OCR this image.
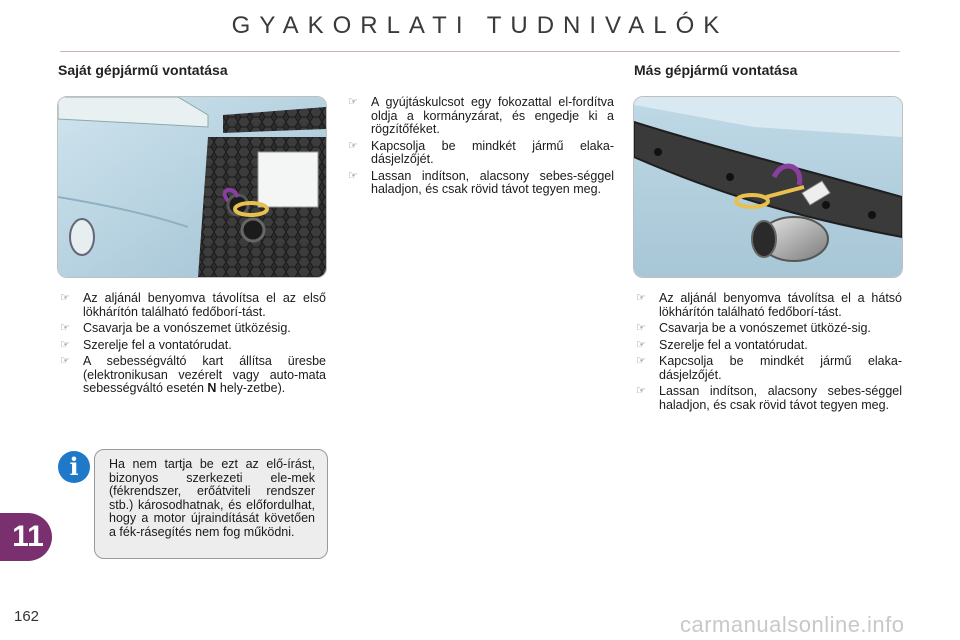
GYAKORLATI TUDNIVALÓK
Saját gépjármű vontatása
☞ Az aljánál benyomva távolítsa el az első lökhárítón található fedőborí-tást.
☞ Csavarja be a vonószemet ütközésig.
☞ Szerelje fel a vontatórudat.
☞ A sebességváltó kart állítsa üresbe (elektronikusan vezérelt vagy auto-mata sebességváltó esetén N hely-zetbe).
i	Ha nem tartja be ezt az elő-írást, bizonyos szerkezeti ele-mek (fékrendszer, erőátviteli rendszer stb.) károsodhatnak, és előfordulhat, hogy a motor újraindítását követően a fék-rásegítés nem fog működni.
☞ A gyújtáskulcsot egy fokozattal el-fordítva oldja a kormányzárat, és engedje ki a rögzítőféket.
☞ Kapcsolja be mindkét jármű elaka-dásjelzőjét.
☞ Lassan indítson, alacsony sebes-séggel haladjon, és csak rövid távot tegyen meg.
Más gépjármű vontatása
☞ Az aljánál benyomva távolítsa el a hátsó lökhárítón található fedőborí-tást.
☞ Csavarja be a vonószemet ütközé-sig.
☞ Szerelje fel a vontatórudat.
☞ Kapcsolja be mindkét jármű elaka-dásjelzőjét.
☞ Lassan indítson, alacsony sebes-séggel haladjon, és csak rövid távot tegyen meg.
11
162	carmanualsonline.info
